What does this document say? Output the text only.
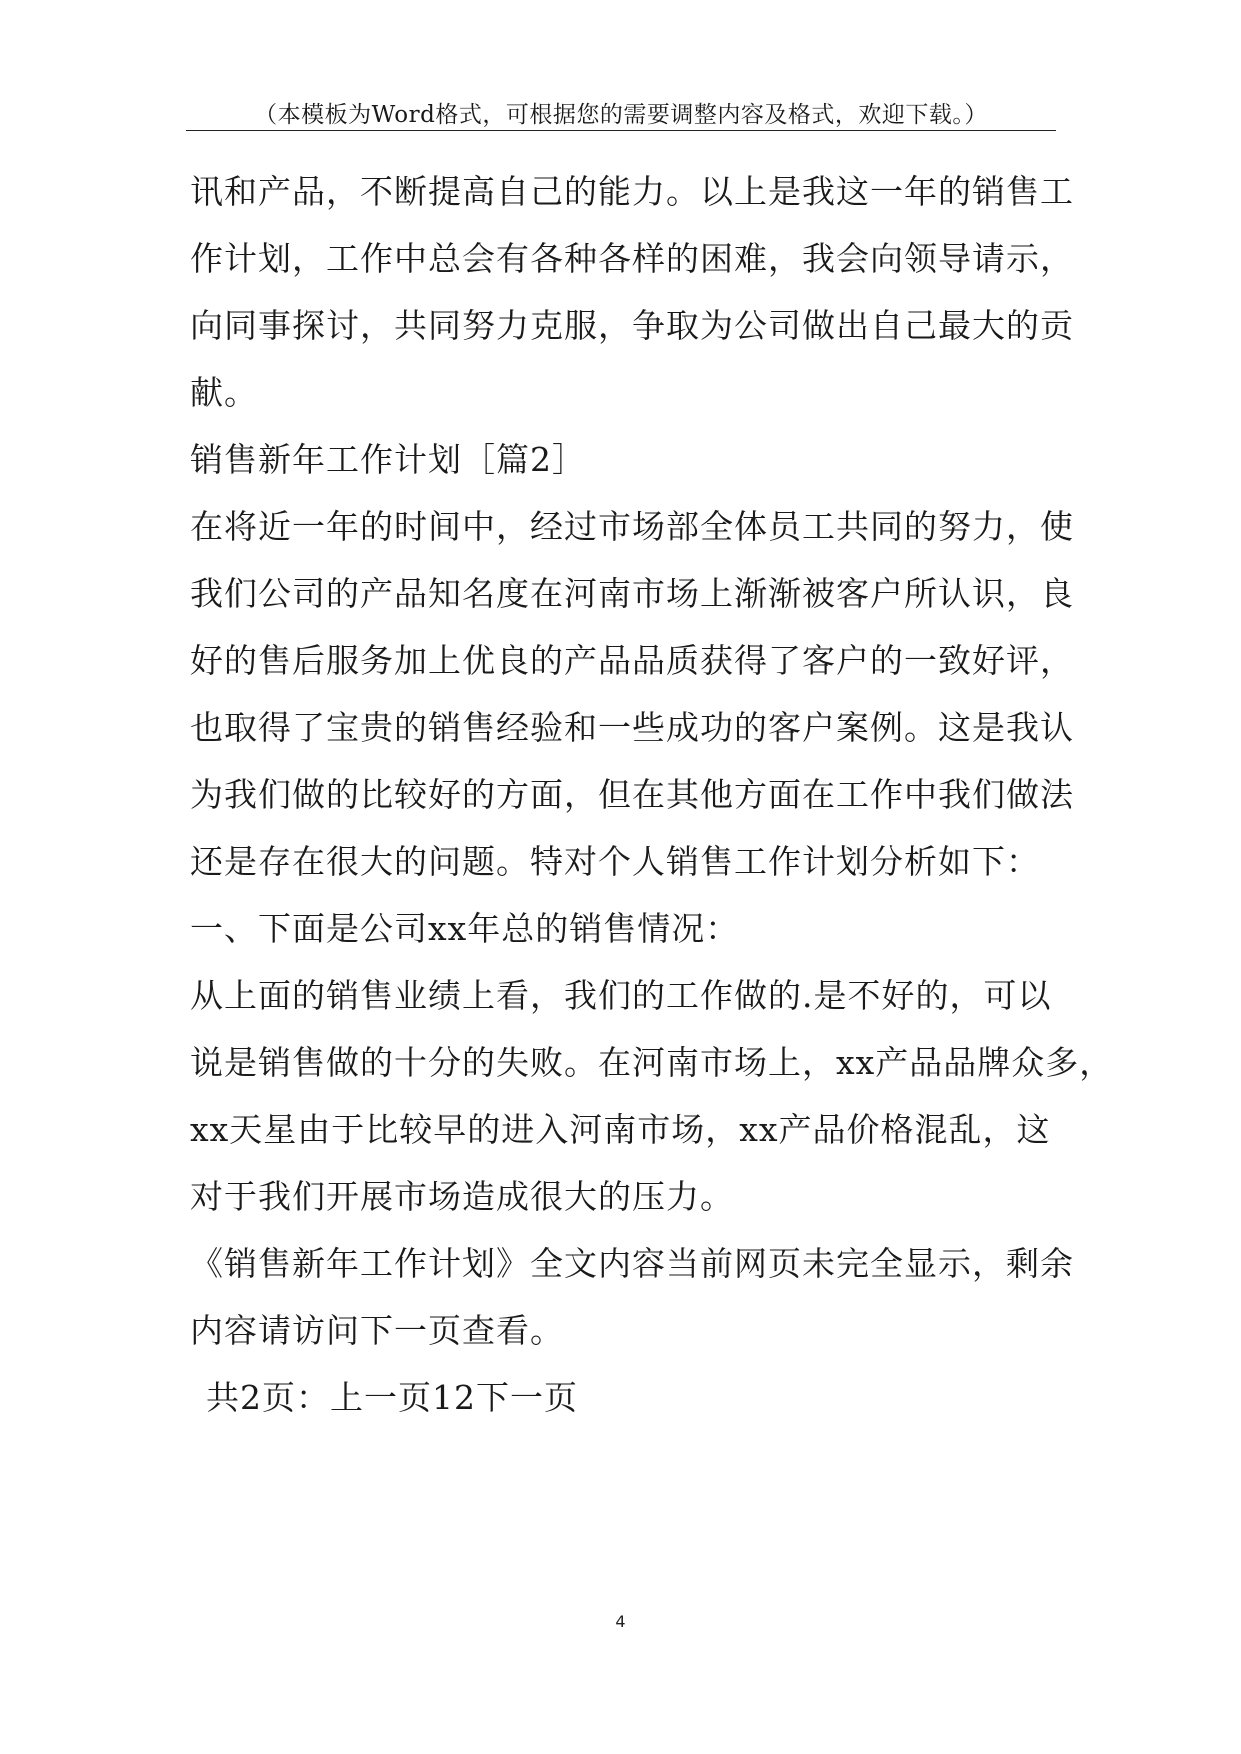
（本模板为Word格式，可根据您的需要调整内容及格式，欢迎下载。）
讯和产品，不断提高自己的能力。以上是我这一年的销售工
作计划，工作中总会有各种各样的困难，我会向领导请示，
向同事探讨，共同努力克服，争取为公司做出自己最大的贡
献。
销售新年工作计划［篇2］
在将近一年的时间中，经过市场部全体员工共同的努力，使
我们公司的产品知名度在河南市场上渐渐被客户所认识，良
好的售后服务加上优良的产品品质获得了客户的一致好评，
也取得了宝贵的销售经验和一些成功的客户案例。这是我认
为我们做的比较好的方面，但在其他方面在工作中我们做法
还是存在很大的问题。特对个人销售工作计划分析如下：
一、下面是公司xx年总的销售情况：
从上面的销售业绩上看，我们的工作做的.是不好的，可以
说是销售做的十分的失败。在河南市场上，xx产品品牌众多，
xx天星由于比较早的进入河南市场，xx产品价格混乱，这
对于我们开展市场造成很大的压力。
《销售新年工作计划》全文内容当前网页未完全显示，剩余
内容请访问下一页查看。
共2页：上一页12下一页
4
